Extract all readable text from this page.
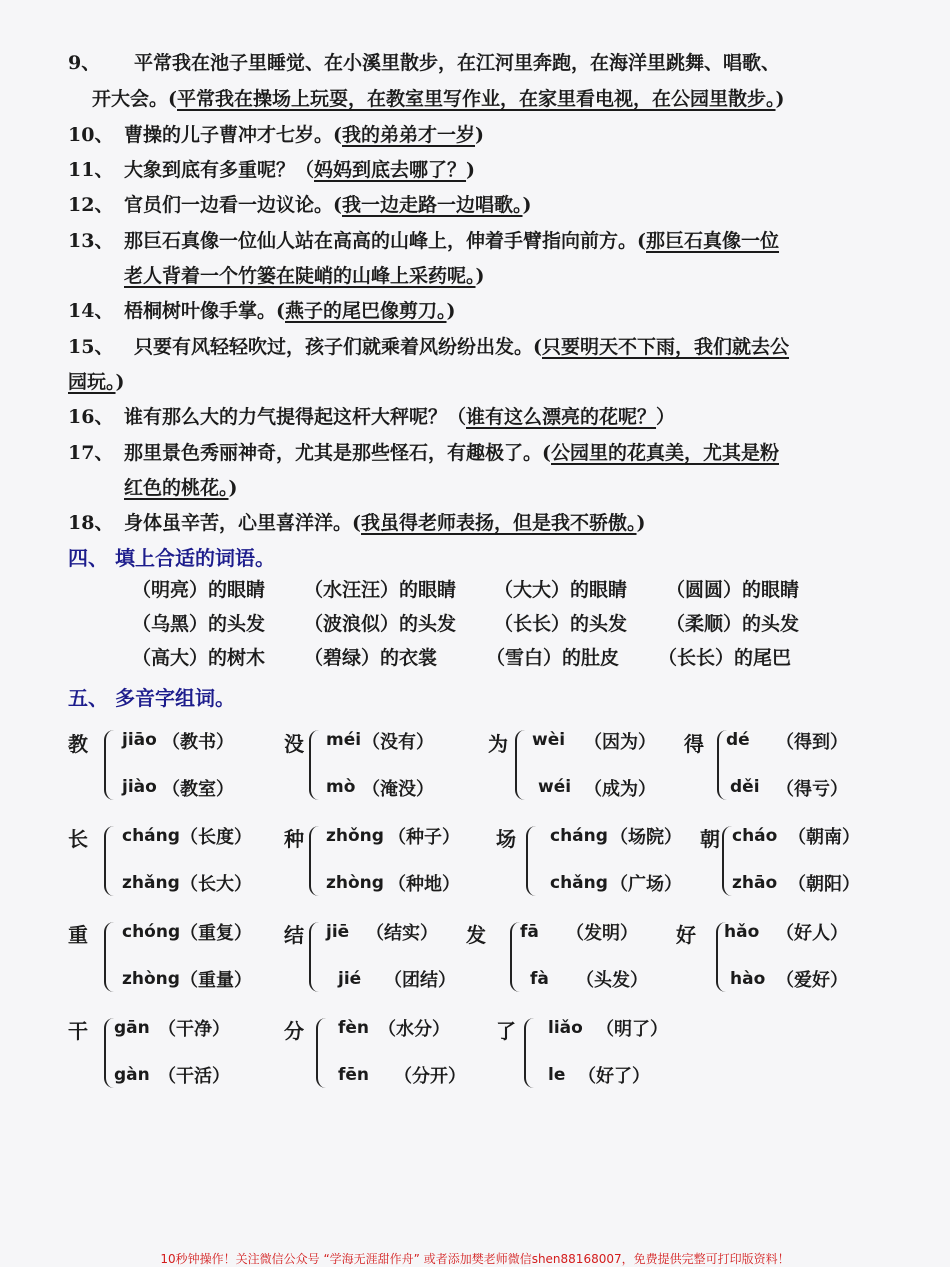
9、 平常我在池子里睡觉、在小溪里散步，在江河里奔跑，在海洋里跳舞、唱歌、
开大会。(平常我在操场上玩耍，在教室里写作业，在家里看电视，在公园里散步。)
10、 曹操的儿子曹冲才七岁。(我的弟弟才一岁)
11、 大象到底有多重呢？（妈妈到底去哪了？)
12、 官员们一边看一边议论。(我一边走路一边唱歌。)
13、 那巨石真像一位仙人站在高高的山峰上，伸着手臂指向前方。(那巨石真像一位
老人背着一个竹篓在陡峭的山峰上采药呢。)
14、 梧桐树叶像手掌。(燕子的尾巴像剪刀。)
15、 只要有风轻轻吹过，孩子们就乘着风纷纷出发。(只要明天不下雨，我们就去公
园玩。)
16、 谁有那么大的力气提得起这杆大秤呢？（谁有这么漂亮的花呢？）
17、 那里景色秀丽神奇，尤其是那些怪石，有趣极了。(公园里的花真美，尤其是粉
红色的桃花。)
18、 身体虽辛苦，心里喜洋洋。(我虽得老师表扬，但是我不骄傲。)
四、 填上合适的词语。
（明亮）的眼睛 （水汪汪）的眼睛 （大大）的眼睛 （圆圆）的眼睛
（乌黑）的头发 （波浪似）的头发 （长长）的头发 （柔顺）的头发
（高大）的树木 （碧绿）的衣裳	（雪白）的肚皮 （长长）的尾巴
五、 多音字组词。
教 jiāo （教书）
jiào （教室）
没 méi （没有）
mò （淹没）
为 wèi （因为）
wéi （成为）
得 dé （得到）
děi （得亏）
长 cháng （长度）
zhǎng （长大）
种 zhǒng （种子）
zhòng （种地）
场 cháng （场院）
chǎng （广场）
朝 cháo （朝南）
zhāo （朝阳）
重 chóng （重复）
zhòng （重量）
结 jiē （结实）
jié （团结）
发 fā （发明）
fà （头发）
好 hǎo （好人）
hào （爱好）
干 gān （干净）
gàn （干活）
分 fèn （水分）
fēn （分开）
了 liǎo （明了）
le （好了）
10秒钟操作！关注微信公众号 “学海无涯甜作舟” 或者添加樊老师微信shen88168007，免费提供完整可打印版资料！
